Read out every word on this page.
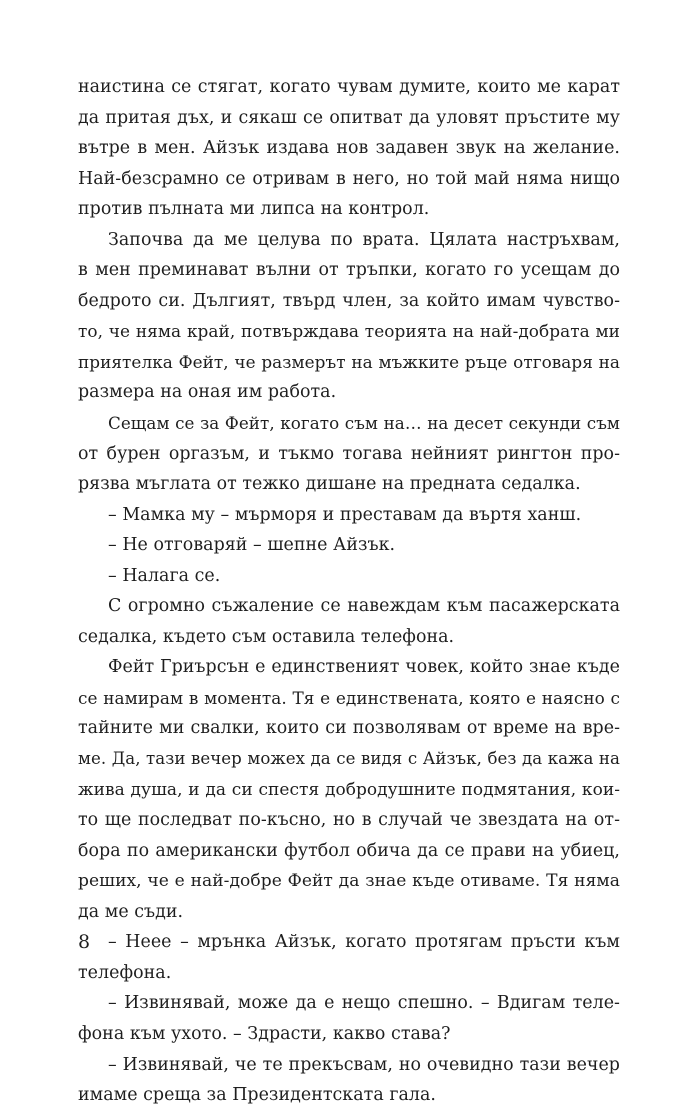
наистина се стягат, когато чувам думите, които ме карат
да притая дъх, и сякаш се опитват да уловят пръстите му
вътре в мен. Айзък издава нов задавен звук на желание.
Най-безсрамно се отривам в него, но той май няма нищо
против пълната ми липса на контрол.
Започва да ме целува по врата. Цялата настръхвам,
в мен преминават вълни от тръпки, когато го усещам до
бедрото си. Дългият, твърд член, за който имам чувство-
то, че няма край, потвърждава теорията на най-добрата ми
приятелка Фейт, че размерът на мъжките ръце отговаря на
размера на оная им работа.
Сещам се за Фейт, когато съм на… на десет секунди съм
от бурен оргазъм, и тъкмо тогава нейният рингтон про-
рязва мъглата от тежко дишане на предната седалка.
– Мамка му – мърморя и преставам да въртя ханш.
– Не отговаряй – шепне Айзък.
– Налага се.
С огромно съжаление се навеждам към пасажерската
седалка, където съм оставила телефона.
Фейт Гриърсън е единственият човек, който знае къде
се намирам в момента. Тя е единствената, която е наясно с
тайните ми свалки, които си позволявам от време на вре-
ме. Да, тази вечер можех да се видя с Айзък, без да кажа на
жива душа, и да си спестя добродушните подмятания, кои-
то ще последват по-късно, но в случай че звездата на от-
бора по американски футбол обича да се прави на убиец,
реших, че е най-добре Фейт да знае къде отиваме. Тя няма
да ме съди.
– Неее – мрънка Айзък, когато протягам пръсти към
телефона.
– Извинявай, може да е нещо спешно. – Вдигам теле-
фона към ухото. – Здрасти, какво става?
– Извинявай, че те прекъсвам, но очевидно тази вечер
имаме среща за Президентската гала.
8
